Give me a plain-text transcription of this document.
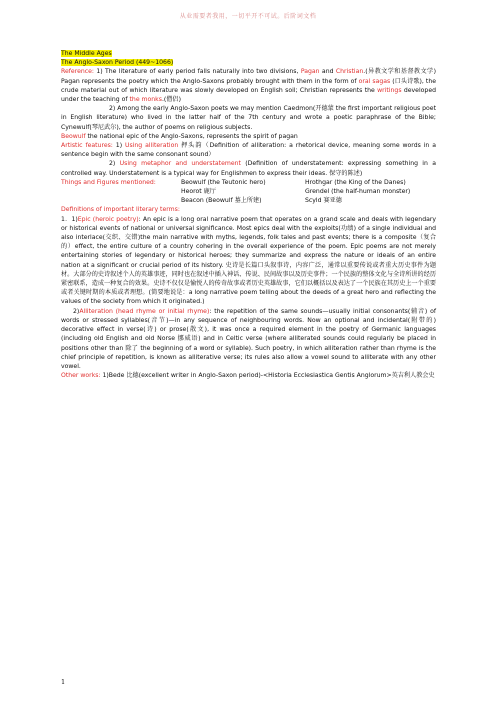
从业需要者我用，一切平开不可试。后阶词文档
The Middle Ages
The Anglo-Saxon Period (449~1066)

Reference: 1) The literature of early period falls naturally into two divisions, Pagan and Christian.(异教文学和基督教文学) Pagan represents the poetry which the Anglo-Saxons probably brought with them in the form of oral sagas (口头诗歌), the crude material out of which literature was slowly developed on English soil; Christian represents the writings developed under the teaching of the monks.(僧侣)

2) Among the early Anglo-Saxon poets we may mention Caedmon(开德蒙 the first important religious poet in English literature) who lived in the latter half of the 7th century and wrote a poetic paraphrase of the Bible; Cynewulf(琴尼武尔), the author of poems on religious subjects.

Beowulf the national epic of the Anglo-Saxons, represents the spirit of pagan

Artistic features: 1) Using alliteration 押头韵（Definition of alliteration: a rhetorical device, meaning some words in a sentence begin with the same consonant sound）

2) Using metaphor and understatement (Definition of understatement: expressing something in a controlled way. Understatement is a typical way for Englishmen to express their ideas. 保守的陈述)

Things and Figures mentioned:	Beowulf (the Teutonic hero)	Hrothgar (the King of the Danes)
Heorot 鹿厅	Grendel (the half-human monster)
Beacon (Beowulf 墓上所建)	Scyld 赛亚德

Definitions of important literary terms:

1．1)Epic (heroic poetry): An epic is a long oral narrative poem that operates on a grand scale and deals with legendary or historical events of national or universal significance. Most epics deal with the exploits(功绩) of a single individual and also interlace(交织、交错)the main narrative with myths, legends, folk tales and past events; there is a composite（复合的）effect, the entire culture of a country cohering in the overall experience of the poem. Epic poems are not merely entertaining stories of legendary or historical heroes; they summarize and express the nature or ideals of an entire nation at a significant or crucial period of its history. 史诗是长篇口头叙事诗，内容广泛，通常以重要传说或者重大历史事件为题材。大部分的史诗叙述个人的英雄事迹，同时也在叙述中插入神话、传说、民间故事以及历史事件；一个民族的整体文化与全诗所讲的经历紧密联系，造成一种复合的效果。史诗不仅仅是愉悦人的传奇故事或者历史英雄故事，它们以概括以及表达了一个民族在其历史上一个重要或者关键时期的本质或者理想。(简要地说是：a long narrative poem telling about the deeds of a great hero and reflecting the values of the society from which it originated.)

2)Alliteration (head rhyme or initial rhyme): the repetition of the same sounds—usually initial consonants(辅音) of words or stressed syllables(音节)—in any sequence of neighbouring words. Now an optional and incidental(附带的) decorative effect in verse(诗) or prose(散文), it was once a required element in the poetry of Germanic languages (including old English and old Norse 挪威语) and in Celtic verse (where alliterated sounds could regularly be placed in positions other than 除了 the beginning of a word or syllable). Such poetry, in which alliteration rather than rhyme is the chief principle of repetition, is known as alliterative verse; its rules also allow a vowel sound to alliterate with any other vowel.

Other works: 1)Bede 比德(excellent writer in Anglo-Saxon period)-<Historia Ecclesiastica Gentis Anglorum>英吉利人教会史

1
